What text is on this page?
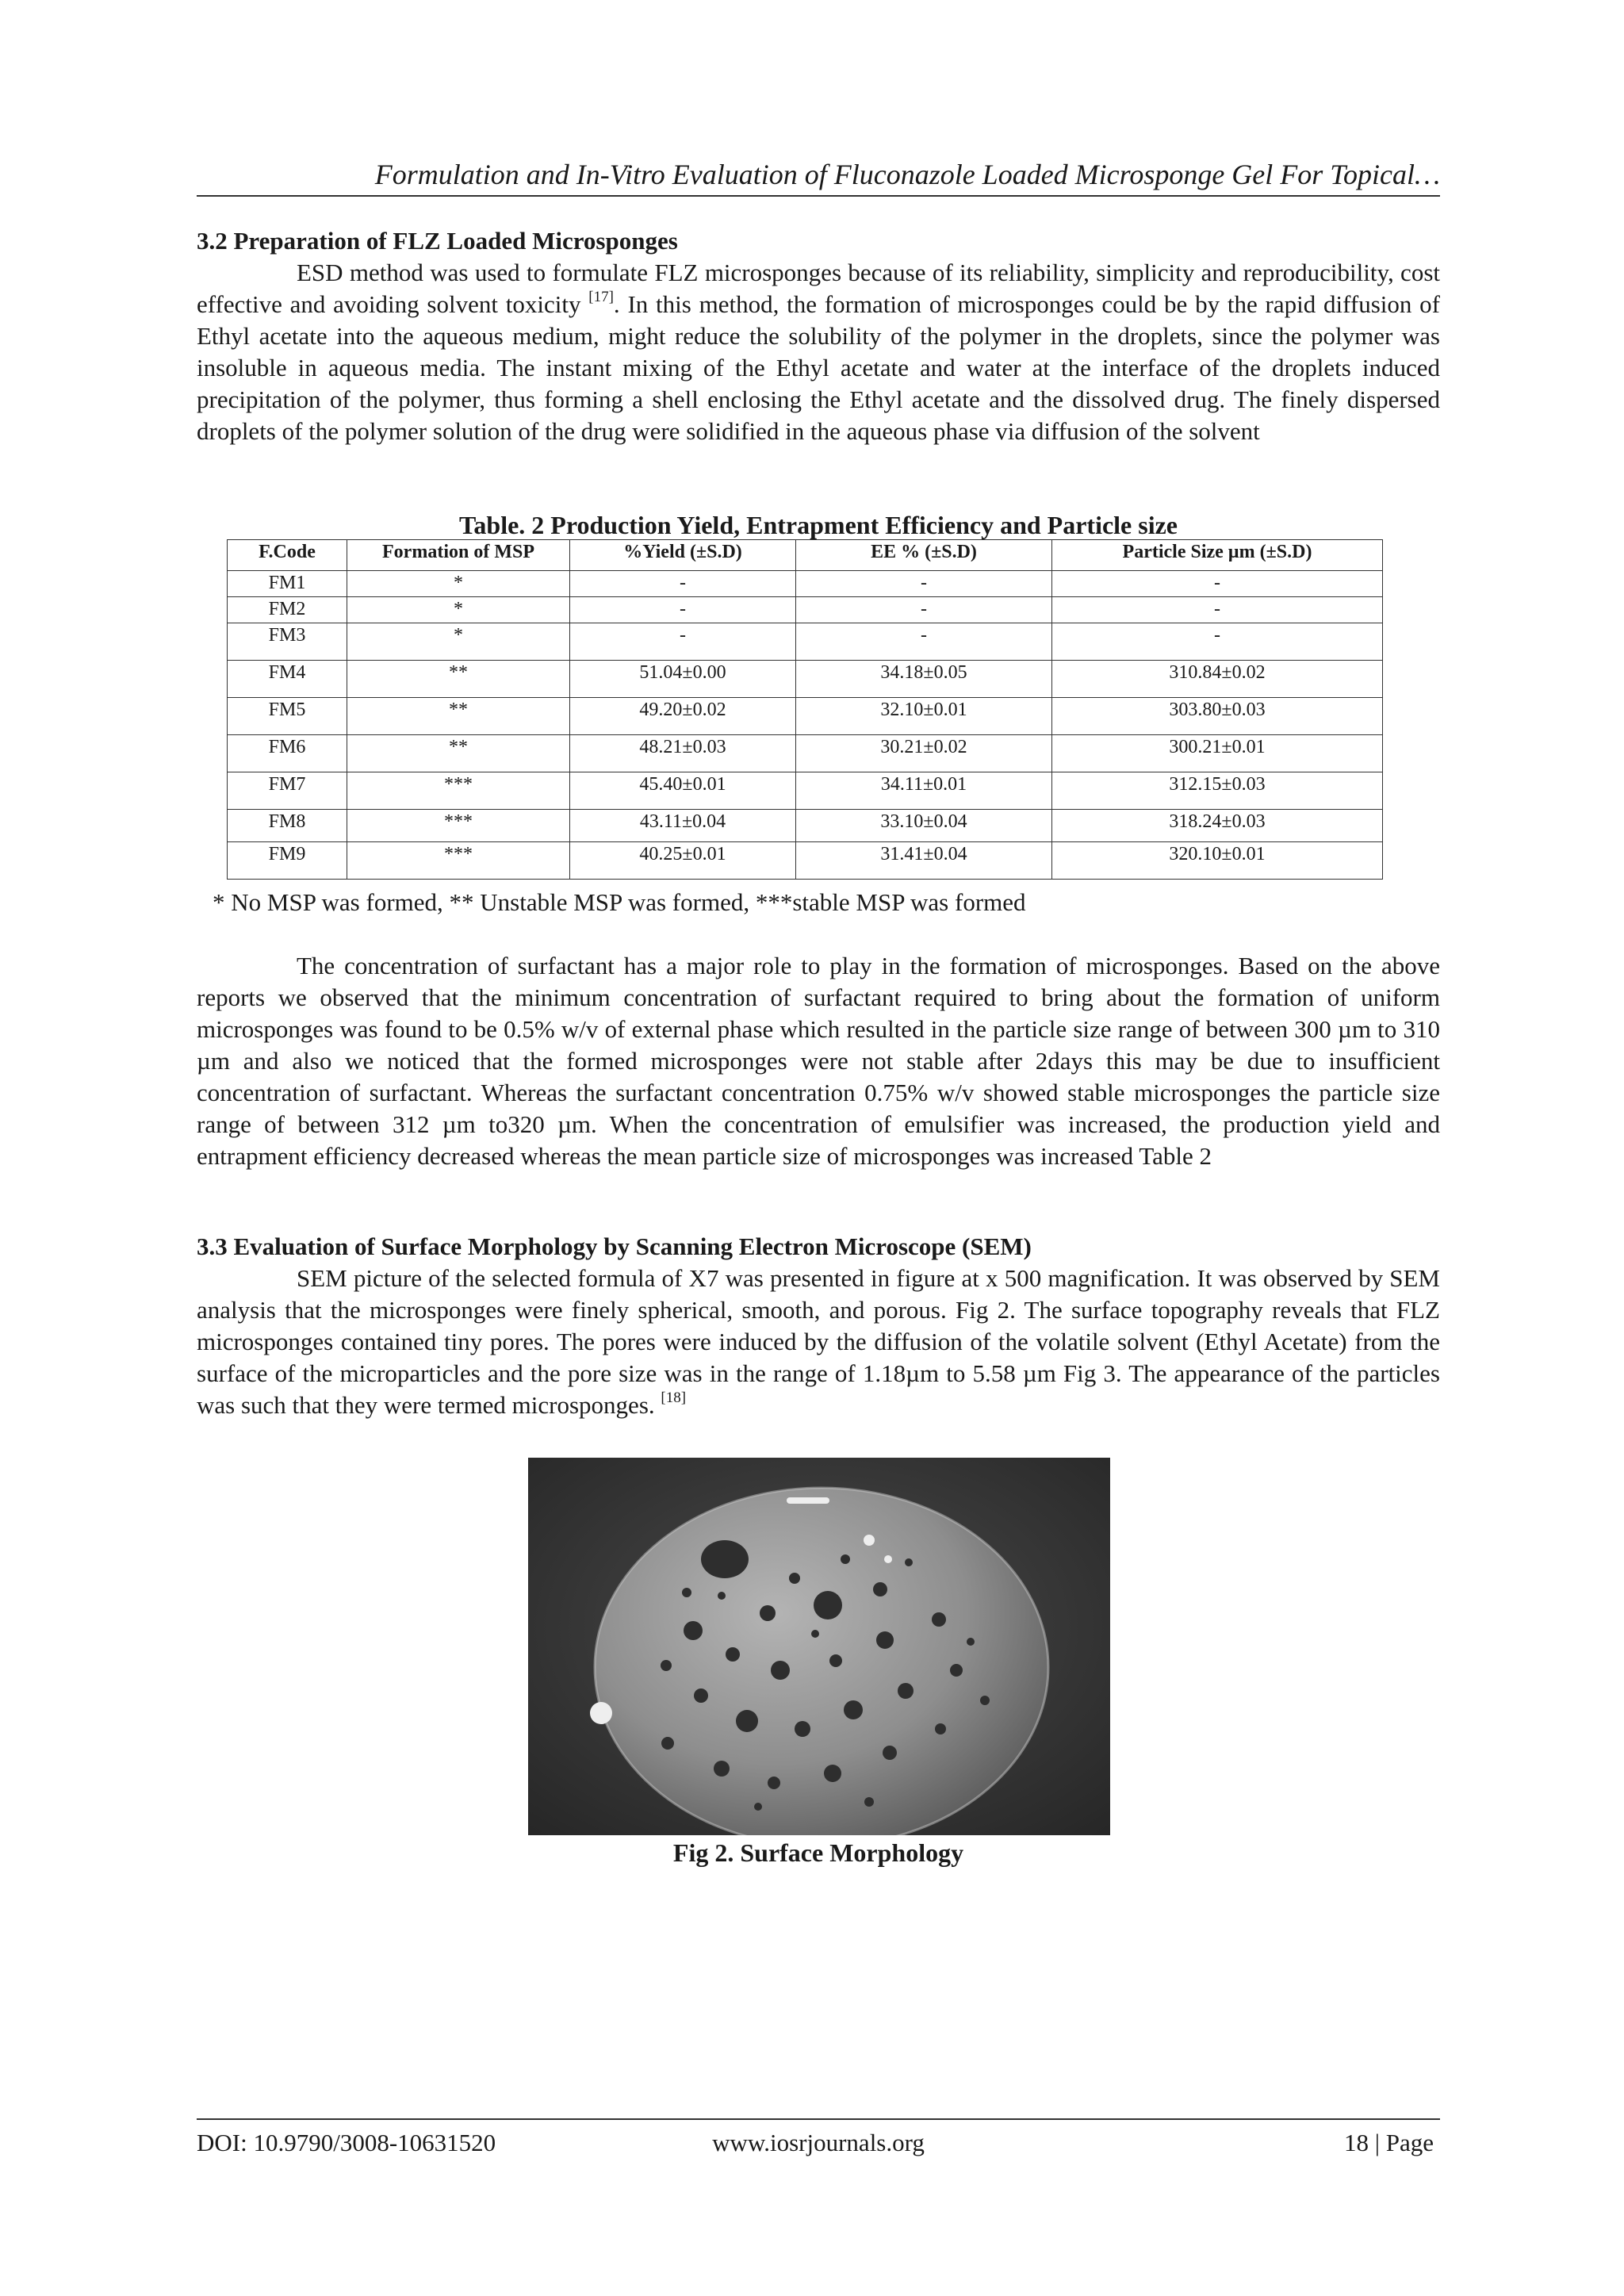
Formulation and In-Vitro Evaluation of Fluconazole Loaded Microsponge Gel For Topical…

3.2 Preparation of FLZ Loaded Microsponges

ESD method was used to formulate FLZ microsponges because of its reliability, simplicity and reproducibility, cost effective and avoiding solvent toxicity [17]. In this method, the formation of microsponges could be by the rapid diffusion of Ethyl acetate into the aqueous medium, might reduce the solubility of the polymer in the droplets, since the polymer was insoluble in aqueous media. The instant mixing of the Ethyl acetate and water at the interface of the droplets induced precipitation of the polymer, thus forming a shell enclosing the Ethyl acetate and the dissolved drug. The finely dispersed droplets of the polymer solution of the drug were solidified in the aqueous phase via diffusion of the solvent

Table. 2 Production Yield, Entrapment Efficiency and Particle size
F.Code	Formation of MSP	%Yield (±S.D)	EE % (±S.D)	Particle Size µm (±S.D)
FM1	*	-	-	-
FM2	*	-	-	-
FM3	*	-	-	-
FM4	**	51.04±0.00	34.18±0.05	310.84±0.02
FM5	**	49.20±0.02	32.10±0.01	303.80±0.03
FM6	**	48.21±0.03	30.21±0.02	300.21±0.01
FM7	***	45.40±0.01	34.11±0.01	312.15±0.03
FM8	***	43.11±0.04	33.10±0.04	318.24±0.03
FM9	***	40.25±0.01	31.41±0.04	320.10±0.01
* No MSP was formed, ** Unstable MSP was formed, ***stable MSP was formed

The concentration of surfactant has a major role to play in the formation of microsponges. Based on the above reports we observed that the minimum concentration of surfactant required to bring about the formation of uniform microsponges was found to be 0.5% w/v of external phase which resulted in the particle size range of between 300 µm to 310 µm and also we noticed that the formed microsponges were not stable after 2days this may be due to insufficient concentration of surfactant. Whereas the surfactant concentration 0.75% w/v showed stable microsponges the particle size range of between 312 µm to320 µm. When the concentration of emulsifier was increased, the production yield and entrapment efficiency decreased whereas the mean particle size of microsponges was increased Table 2

3.3 Evaluation of Surface Morphology by Scanning Electron Microscope (SEM)

SEM picture of the selected formula of X7 was presented in figure at x 500 magnification. It was observed by SEM analysis that the microsponges were finely spherical, smooth, and porous. Fig 2. The surface topography reveals that FLZ microsponges contained tiny pores. The pores were induced by the diffusion of the volatile solvent (Ethyl Acetate) from the surface of the microparticles and the pore size was in the range of 1.18µm to 5.58 µm Fig 3. The appearance of the particles was such that they were termed microsponges. [18]

Fig 2. Surface Morphology
DOI: 10.9790/3008-10631520	www.iosrjournals.org	18 | Page
